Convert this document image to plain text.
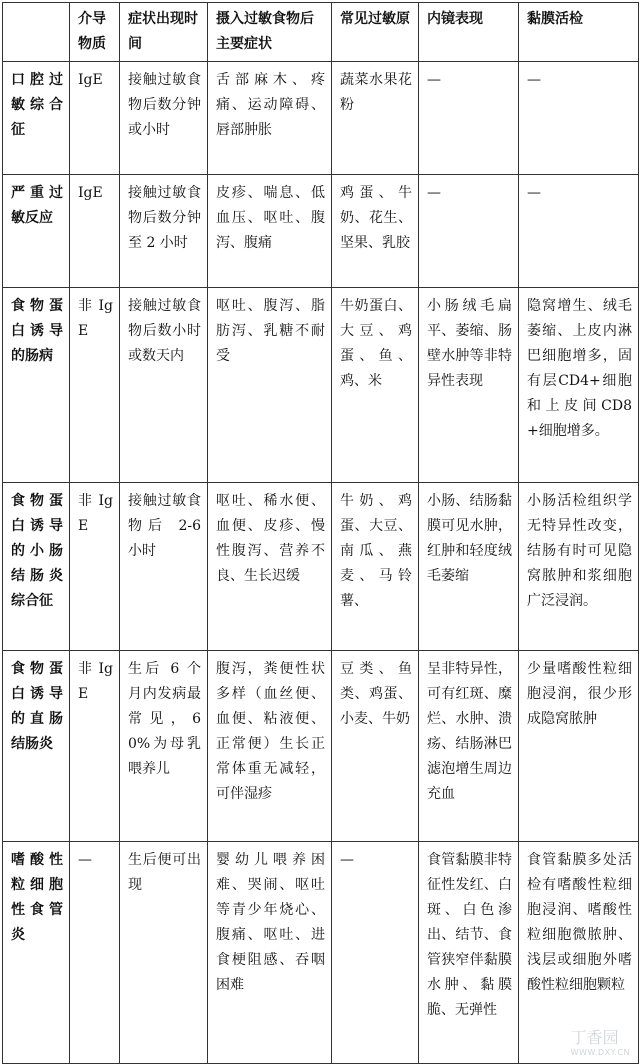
	介导物质	症状出现时间	摄入过敏食物后主要症状	常见过敏原	内镜表现	黏膜活检
口腔过敏综合征	IgE	接触过敏食物后数分钟或小时	舌部麻木、疼痛、运动障碍、唇部肿胀	蔬菜水果花粉	—	—
严重过敏反应	IgE	接触过敏食物后数分钟至 2 小时	皮疹、喘息、低血压、呕吐、腹泻、腹痛	鸡蛋、牛奶、花生、坚果、乳胶	—	—
食物蛋白诱导的肠病	非 IgE	接触过敏食物后数小时或数天内	呕吐、腹泻、脂肪泻、乳糖不耐受	牛奶蛋白、大豆、鸡蛋、鱼、鸡、米	小肠绒毛扁平、萎缩、肠壁水肿等非特异性表现	隐窝增生、绒毛萎缩、上皮内淋巴细胞增多，固有层CD4+细胞和上皮间CD8+细胞增多。
食物蛋白诱导的小肠结肠炎综合征	非 IgE	接触过敏食物后 2-6 小时	呕吐、稀水便、血便、皮疹、慢性腹泻、营养不良、生长迟缓	牛奶、鸡蛋、大豆、南瓜、燕麦、马铃薯、	小肠、结肠黏膜可见水肿，红肿和轻度绒毛萎缩	小肠活检组织学无特异性改变，结肠有时可见隐窝脓肿和浆细胞广泛浸润。
食物蛋白诱导的直肠结肠炎	非 IgE	生后 6 个月内发病最常见，60%为母乳喂养儿	腹泻，粪便性状多样（血丝便、血便、粘液便、正常便）生长正常体重无减轻，可伴湿疹	豆类、鱼类、鸡蛋、小麦、牛奶	呈非特异性，可有红斑、糜烂、水肿、溃疡、结肠淋巴滤泡增生周边充血	少量嗜酸性粒细胞浸润，很少形成隐窝脓肿
嗜酸性粒细胞性食管炎	—	生后便可出现	婴幼儿喂养困难、哭闹、呕吐等青少年烧心、腹痛、呕吐、进食梗阻感、吞咽困难	—	食管黏膜非特征性发红、白斑、白色渗出、结节、食管狭窄伴黏膜水肿、黏膜脆、无弹性	食管黏膜多处活检有嗜酸性粒细胞浸润、嗜酸性粒细胞微脓肿、浅层或细胞外嗜酸性粒细胞颗粒
丁香园
WWW.DXY.CN
